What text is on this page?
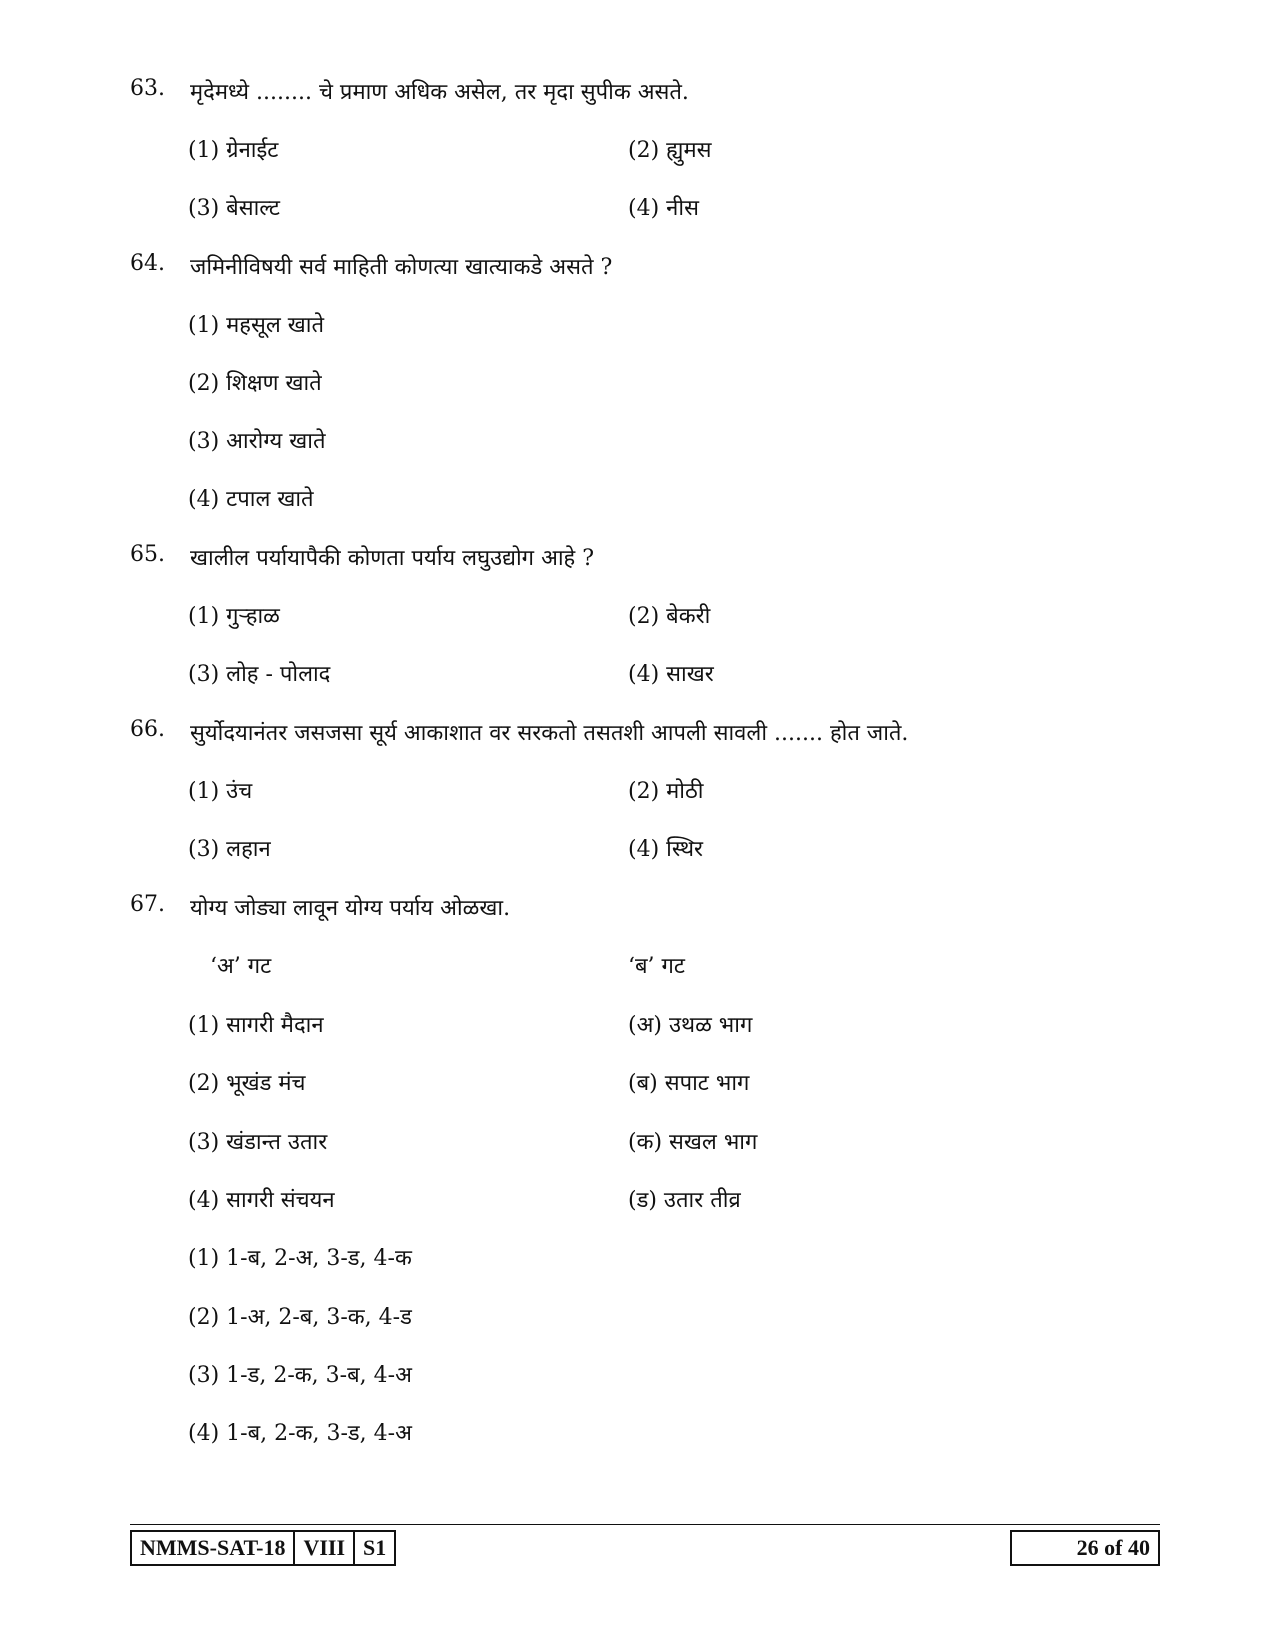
63.	मृदेमध्ये ........ चे प्रमाण अधिक असेल, तर मृदा सुपीक असते.
(1) ग्रेनाईट	(2) ह्युमस
(3) बेसाल्ट	(4) नीस
64.	जमिनीविषयी सर्व माहिती कोणत्या खात्याकडे असते ?
(1) महसूल खाते
(2) शिक्षण खाते
(3) आरोग्य खाते
(4) टपाल खाते
65.	खालील पर्यायापैकी कोणता पर्याय लघुउद्योग आहे ?
(1) गुऱ्हाळ	(2) बेकरी
(3) लोह - पोलाद	(4) साखर
66.	सुर्योदयानंतर जसजसा सूर्य आकाशात वर सरकतो तसतशी आपली सावली ....... होत जाते.
(1) उंच	(2) मोठी
(3) लहान	(4) स्थिर
67.	योग्य जोड्या लावून योग्य पर्याय ओळखा.
‘अ’ गट	‘ब’ गट
(1) सागरी मैदान	(अ) उथळ भाग
(2) भूखंड मंच	(ब) सपाट भाग
(3) खंडान्त उतार	(क) सखल भाग
(4) सागरी संचयन	(ड) उतार तीव्र
(1) 1-ब, 2-अ, 3-ड, 4-क
(2) 1-अ, 2-ब, 3-क, 4-ड
(3) 1-ड, 2-क, 3-ब, 4-अ
(4) 1-ब, 2-क, 3-ड, 4-अ
NMMS-SAT-18 VIII S1	26 of 40
